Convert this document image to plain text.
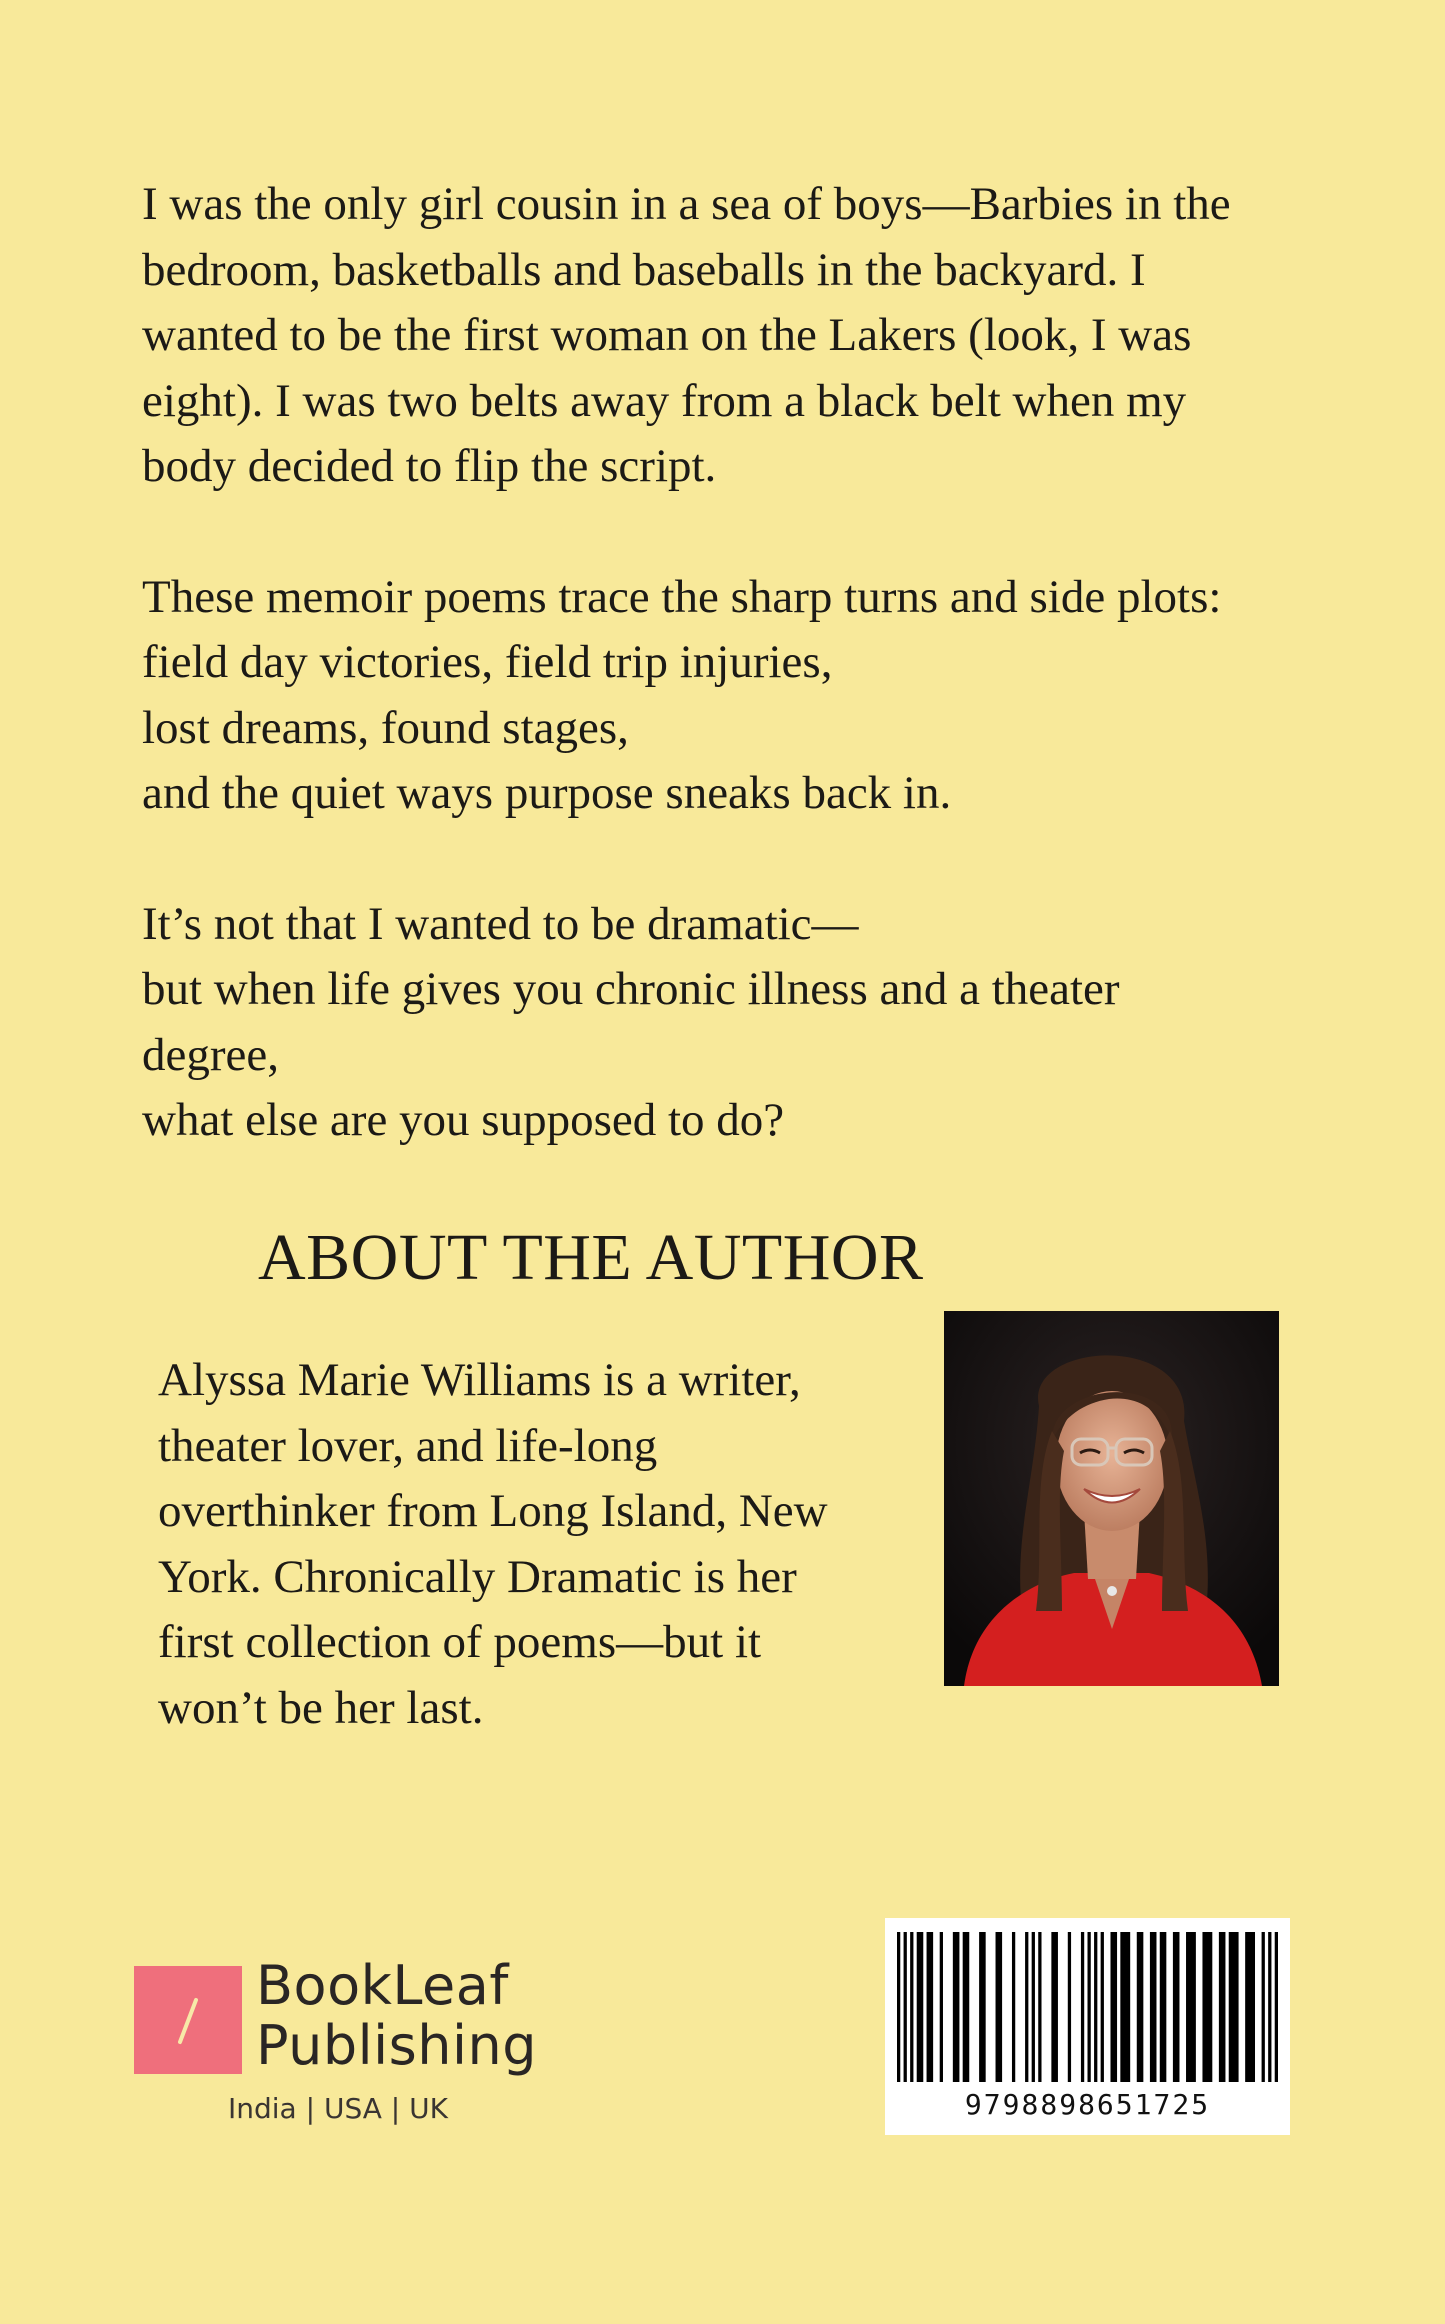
I was the only girl cousin in a sea of boys—Barbies in the
bedroom, basketballs and baseballs in the backyard. I
wanted to be the first woman on the Lakers (look, I was
eight). I was two belts away from a black belt when my
body decided to flip the script.

These memoir poems trace the sharp turns and side plots:
field day victories, field trip injuries,
lost dreams, found stages,
and the quiet ways purpose sneaks back in.

It’s not that I wanted to be dramatic—
but when life gives you chronic illness and a theater
degree,
what else are you supposed to do?

ABOUT THE AUTHOR

Alyssa Marie Williams is a writer,
theater lover, and life-long
overthinker from Long Island, New
York. Chronically Dramatic is her
first collection of poems—but it
won’t be her last.

BookLeaf
Publishing
India | USA | UK	9798898651725
